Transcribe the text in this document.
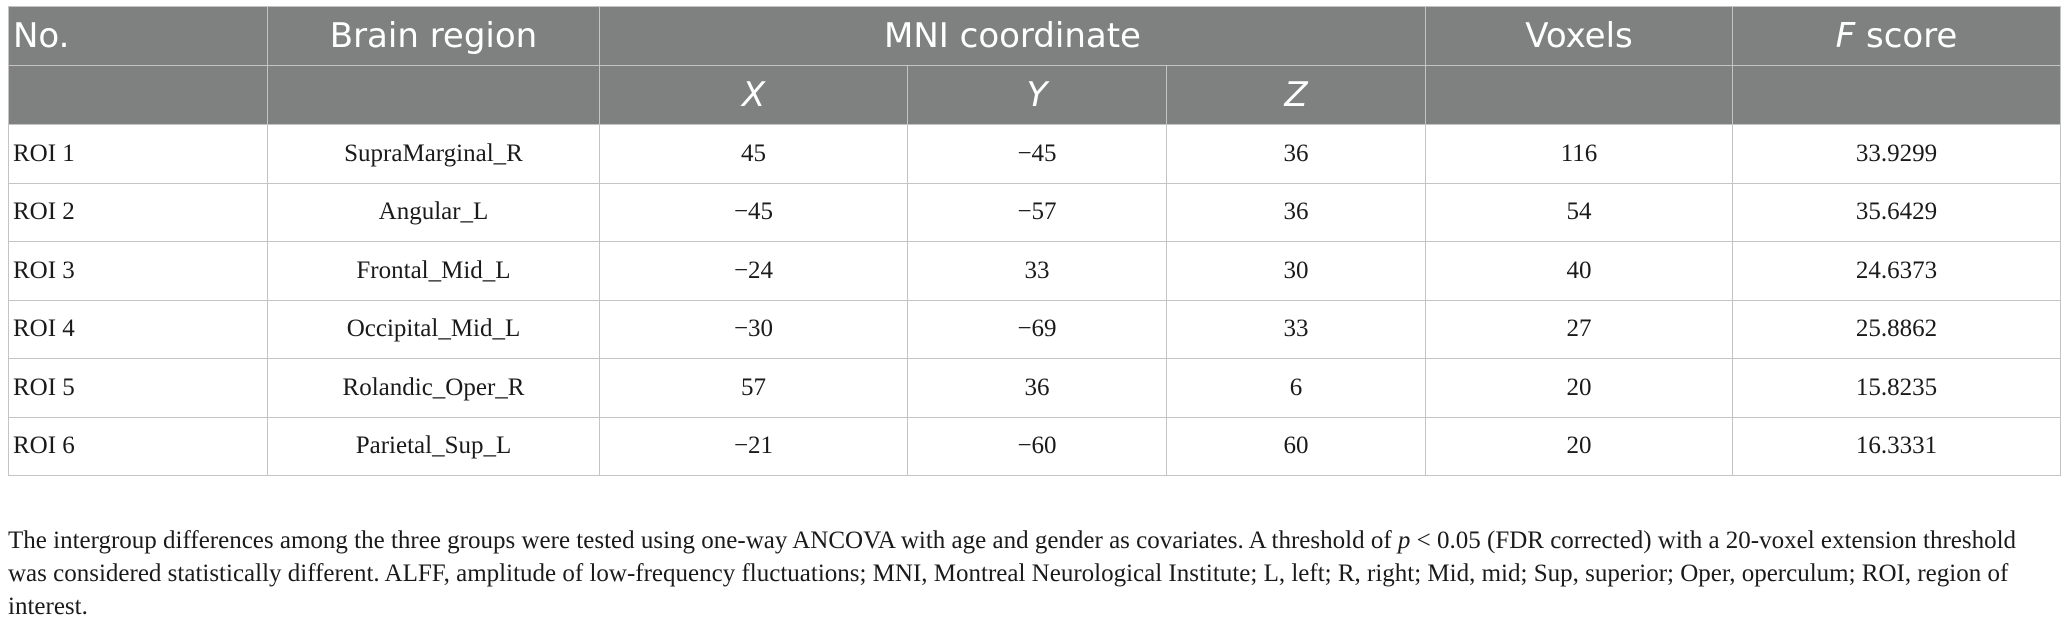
No.	Brain region	MNI coordinate			Voxels	F score
		X	Y	Z		
ROI 1	SupraMarginal_R	45	−45	36	116	33.9299
ROI 2	Angular_L	−45	−57	36	54	35.6429
ROI 3	Frontal_Mid_L	−24	33	30	40	24.6373
ROI 4	Occipital_Mid_L	−30	−69	33	27	25.8862
ROI 5	Rolandic_Oper_R	57	36	6	20	15.8235
ROI 6	Parietal_Sup_L	−21	−60	60	20	16.3331

The intergroup differences among the three groups were tested using one-way ANCOVA with age and gender as covariates. A threshold of p < 0.05 (FDR corrected) with a 20-voxel extension threshold was considered statistically different. ALFF, amplitude of low-frequency fluctuations; MNI, Montreal Neurological Institute; L, left; R, right; Mid, mid; Sup, superior; Oper, operculum; ROI, region of interest.
